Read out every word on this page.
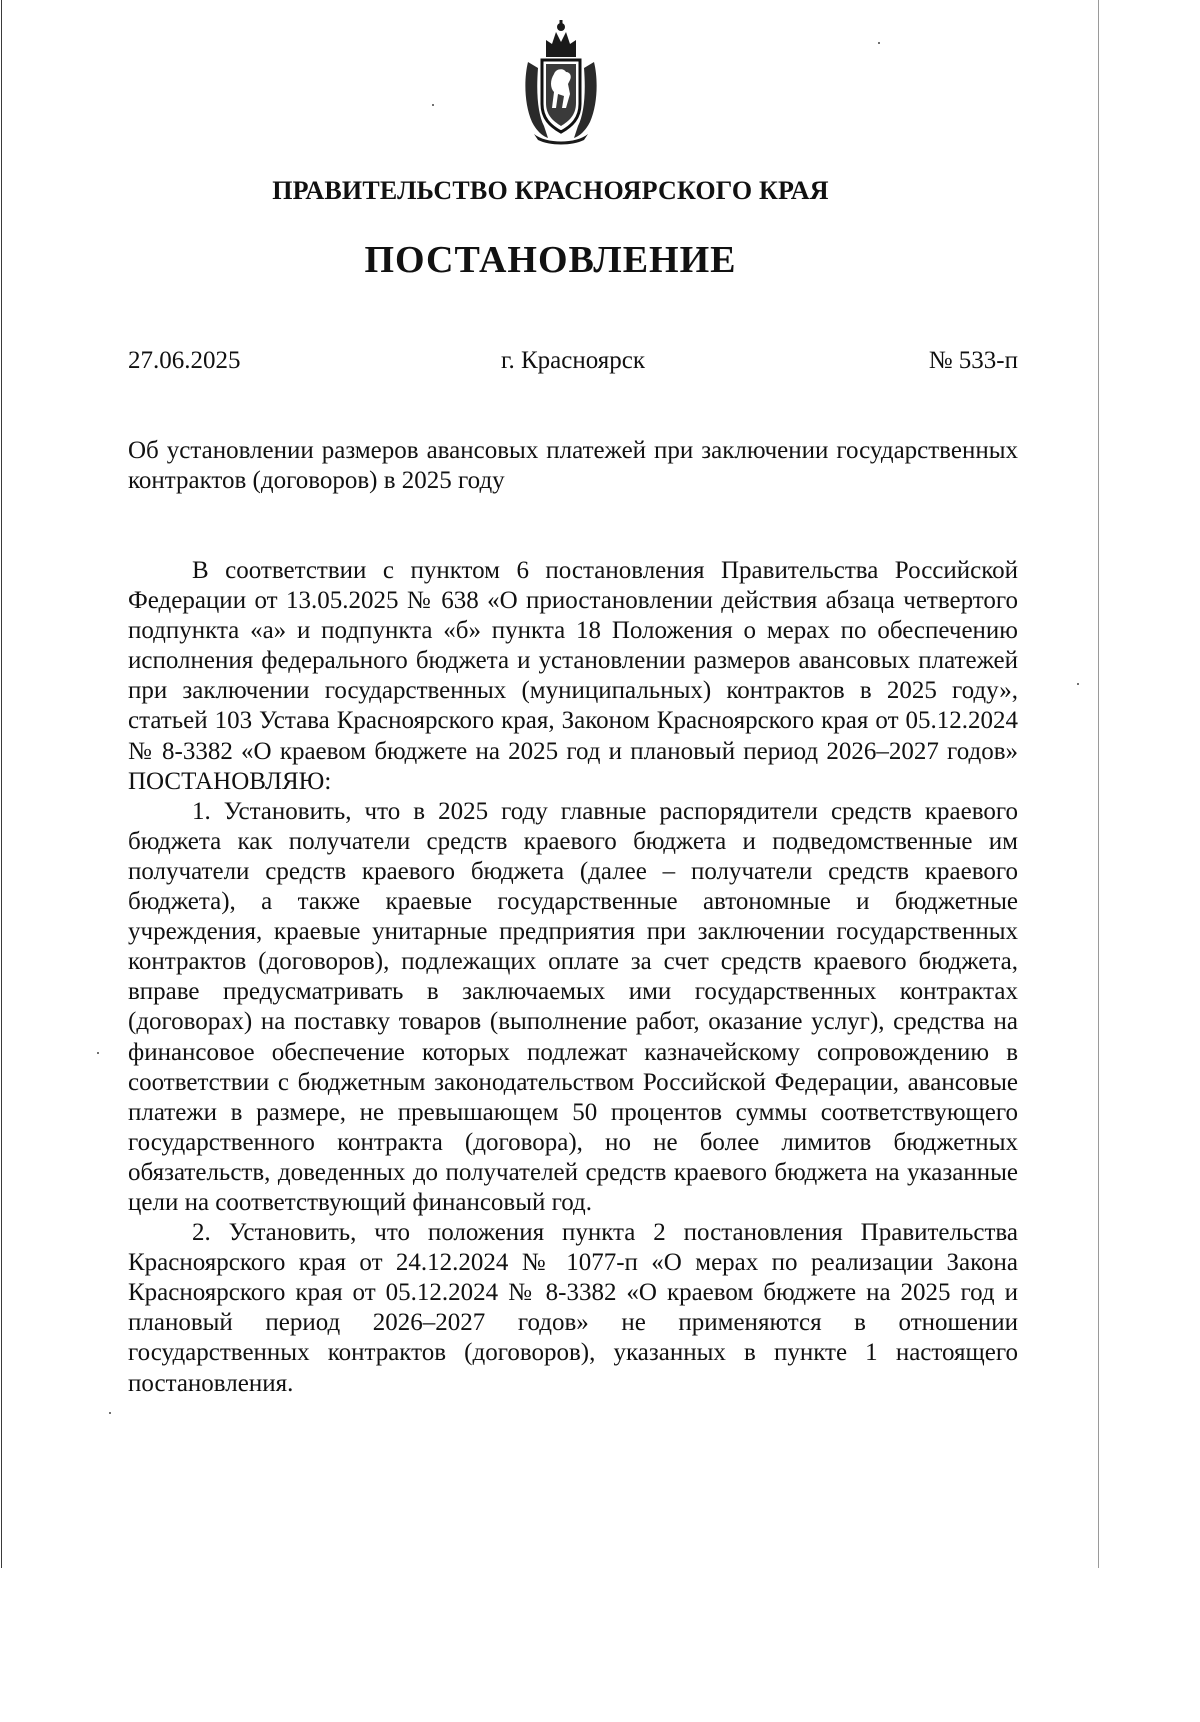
ПРАВИТЕЛЬСТВО КРАСНОЯРСКОГО КРАЯ
ПОСТАНОВЛЕНИЕ
27.06.2025	г. Красноярск	№ 533-п
Об установлении размеров авансовых платежей при заключении государственных контрактов (договоров) в 2025 году

В соответствии с пунктом 6 постановления Правительства Российской Федерации от 13.05.2025 № 638 «О приостановлении действия абзаца четвертого подпункта «а» и подпункта «б» пункта 18 Положения о мерах по обеспечению исполнения федерального бюджета и установлении размеров авансовых платежей при заключении государственных (муниципальных) контрактов в 2025 году», статьей 103 Устава Красноярского края, Законом Красноярского края от 05.12.2024 № 8-3382 «О краевом бюджете на 2025 год и плановый период 2026–2027 годов» ПОСТАНОВЛЯЮ:

1. Установить, что в 2025 году главные распорядители средств краевого бюджета как получатели средств краевого бюджета и подведомственные им получатели средств краевого бюджета (далее – получатели средств краевого бюджета), а также краевые государственные автономные и бюджетные учреждения, краевые унитарные предприятия при заключении государственных контрактов (договоров), подлежащих оплате за счет средств краевого бюджета, вправе предусматривать в заключаемых ими государственных контрактах (договорах) на поставку товаров (выполнение работ, оказание услуг), средства на финансовое обеспечение которых подлежат казначейскому сопровождению в соответствии с бюджетным законодательством Российской Федерации, авансовые платежи в размере, не превышающем 50 процентов суммы соответствующего государственного контракта (договора), но не более лимитов бюджетных обязательств, доведенных до получателей средств краевого бюджета на указанные цели на соответствующий финансовый год.

2. Установить, что положения пункта 2 постановления Правительства Красноярского края от 24.12.2024 № 1077-п «О мерах по реализации Закона Красноярского края от 05.12.2024 № 8-3382 «О краевом бюджете на 2025 год и плановый период 2026–2027 годов» не применяются в отношении государственных контрактов (договоров), указанных в пункте 1 настоящего постановления.
